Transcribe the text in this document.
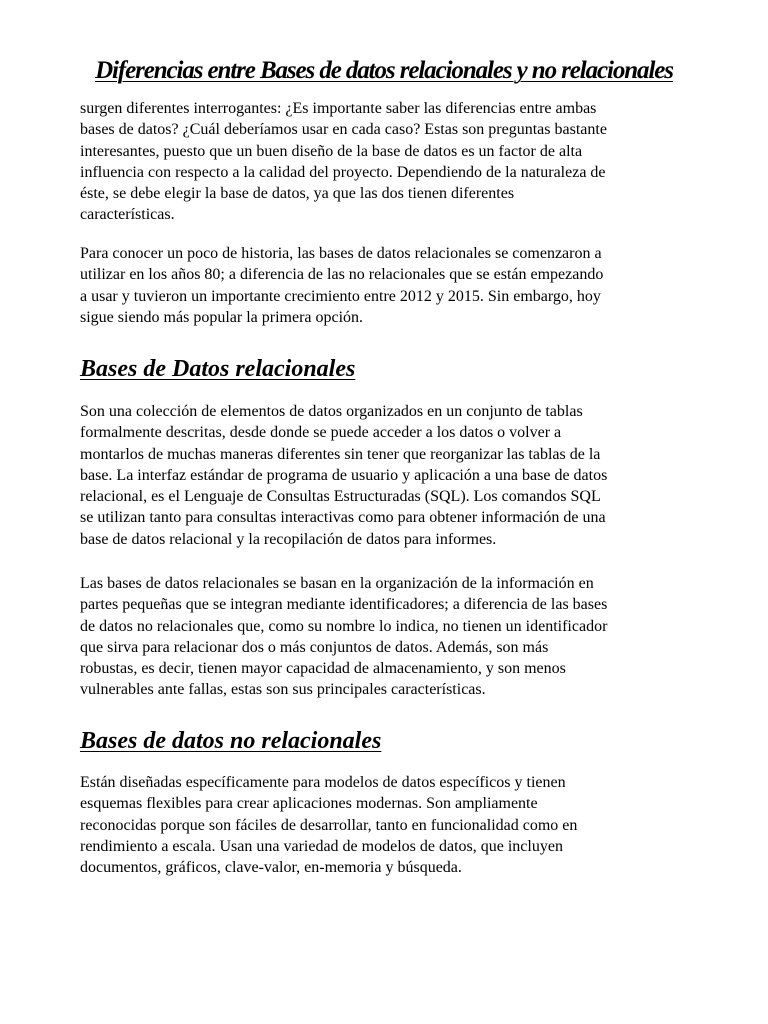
Diferencias entre Bases de datos relacionales y no relacionales

surgen diferentes interrogantes: ¿Es importante saber las diferencias entre ambas
bases de datos? ¿Cuál deberíamos usar en cada caso? Estas son preguntas bastante
interesantes, puesto que un buen diseño de la base de datos es un factor de alta
influencia con respecto a la calidad del proyecto. Dependiendo de la naturaleza de
éste, se debe elegir la base de datos, ya que las dos tienen diferentes
características.

Para conocer un poco de historia, las bases de datos relacionales se comenzaron a
utilizar en los años 80; a diferencia de las no relacionales que se están empezando
a usar y tuvieron un importante crecimiento entre 2012 y 2015. Sin embargo, hoy
sigue siendo más popular la primera opción.

Bases de Datos relacionales

Son una colección de elementos de datos organizados en un conjunto de tablas
formalmente descritas, desde donde se puede acceder a los datos o volver a
montarlos de muchas maneras diferentes sin tener que reorganizar las tablas de la
base. La interfaz estándar de programa de usuario y aplicación a una base de datos
relacional, es el Lenguaje de Consultas Estructuradas (SQL). Los comandos SQL
se utilizan tanto para consultas interactivas como para obtener información de una
base de datos relacional y la recopilación de datos para informes.

Las bases de datos relacionales se basan en la organización de la información en
partes pequeñas que se integran mediante identificadores; a diferencia de las bases
de datos no relacionales que, como su nombre lo indica, no tienen un identificador
que sirva para relacionar dos o más conjuntos de datos. Además, son más
robustas, es decir, tienen mayor capacidad de almacenamiento, y son menos
vulnerables ante fallas, estas son sus principales características.

Bases de datos no relacionales

Están diseñadas específicamente para modelos de datos específicos y tienen
esquemas flexibles para crear aplicaciones modernas. Son ampliamente
reconocidas porque son fáciles de desarrollar, tanto en funcionalidad como en
rendimiento a escala. Usan una variedad de modelos de datos, que incluyen
documentos, gráficos, clave-valor, en-memoria y búsqueda.
